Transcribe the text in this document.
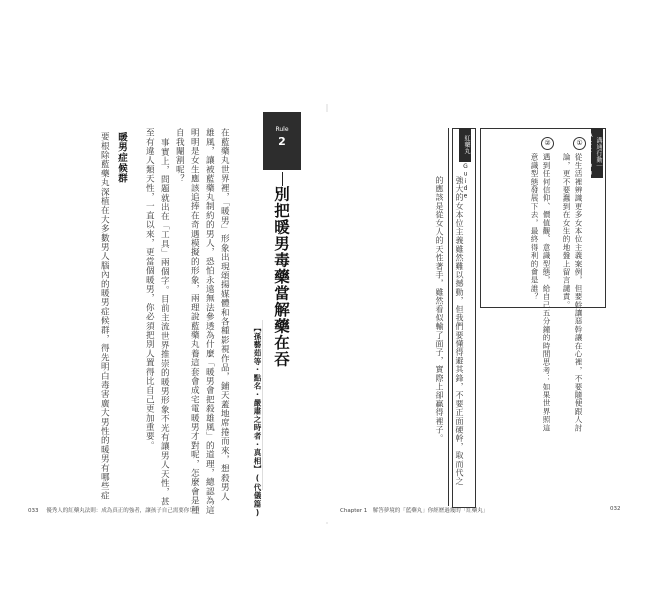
Rule
2
別把暖男毒藥當解藥在吞
【孫藝茹等・點名・嚴肅之時者・真相】(代儀篇)
在藍藥丸世界裡，「暖男」形象出現頌揚媒體和各種影視作品，鋪天蓋地席捲而來，想殺男人
雄風，讓被藍藥丸制約的男人，恐怕永遠無法參透為什麼「暖男會把殺雄風」的道理，總認為這
明明是女生應該追捧在奇遇模擬的形象，兩理說藍藥丸養這套會成宅電暖男才對呢，怎麼會是種
自我閹割呢？
事實上，問題就出在「工具」兩個字。目前主流世界推崇的暖男形象不光有讓男人天性，甚
至有違人類天性，一直以來，更當個暖男，你必須把別人置得比自己更加重要。
暖男症候群
要根除藍藥丸深植在大多數男人腦內的暖男症候群，得先明白毒害廣大男性的暖男有哪些症
033 優秀人的紅藥丸法則：成為真正的強者，讓孩子自己需要你！
溝通行動｜Action
①
從生活裡辨識更多女本位主義案例，但要幹讓惡幹讓在心裡，不要隨便跟人討
論，更不要蠢到在女生的地盤上留言譴責。
②
遇到任何信仰、價值觀、意識型態，給自己五分鐘的時間思考：如果世界照這
意識型態發展下去，最終得利的會是誰？
紅藥丸
Guide
強大的女本位主義雖然難以撼動，但我們要懂得避其鋒，不要正面硬幹，取而代之
的應該是從女人的天性著手，雖然看似輸了面子，實際上卻贏得裡子。
Chapter 1　解答夢境的「藍藥丸」你經歷過幾的「紅藥丸」	032
